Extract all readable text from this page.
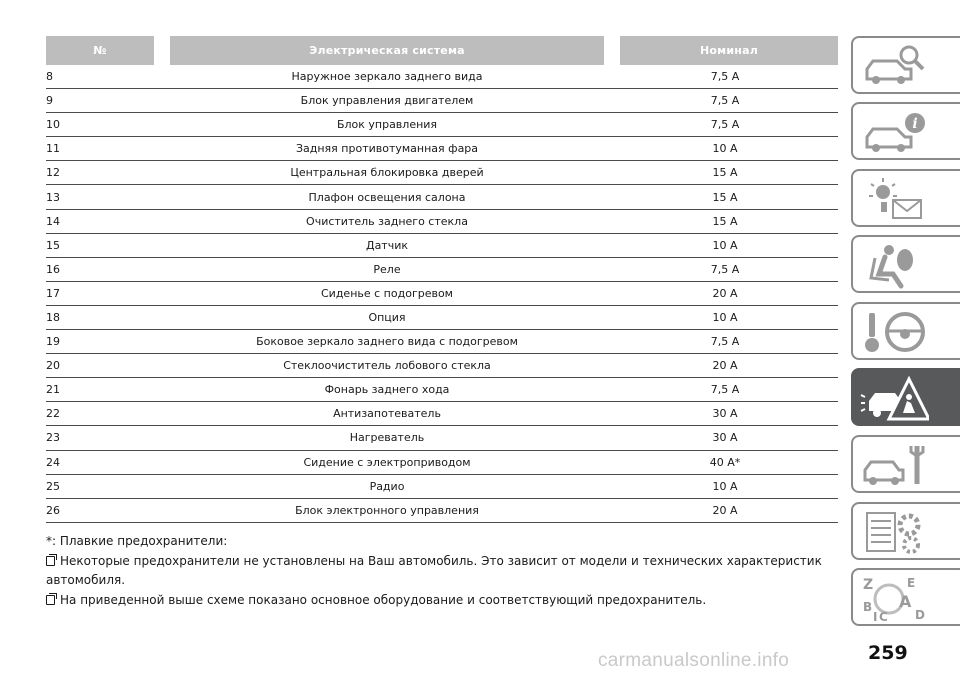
№	Электрическая система	Номинал
8	Наружное зеркало заднего вида	7,5 A
9	Блок управления двигателем	7,5 A
10	Блок управления	7,5 A
11	Задняя противотуманная фара	10 A
12	Центральная блокировка дверей	15 A
13	Плафон освещения салона	15 A
14	Очиститель заднего стекла	15 A
15	Датчик	10 A
16	Реле	7,5 A
17	Сиденье с подогревом	20 A
18	Опция	10 A
19	Боковое зеркало заднего вида с подогревом	7,5 A
20	Стеклоочиститель лобового стекла	20 A
21	Фонарь заднего хода	7,5 A
22	Антизапотеватель	30 A
23	Нагреватель	30 A
24	Сидение с электроприводом	40 A*
25	Радио	10 A
26	Блок электронного управления	20 A

*: Плавкие предохранители:

Некоторые предохранители не установлены на Ваш автомобиль. Это зависит от модели и технических характеристик автомобиля.

На приведенной выше схеме показано основное оборудование и соответствующий предохранитель.

i
Z	E
B A
C D
I
259
carmanualsonline.info
